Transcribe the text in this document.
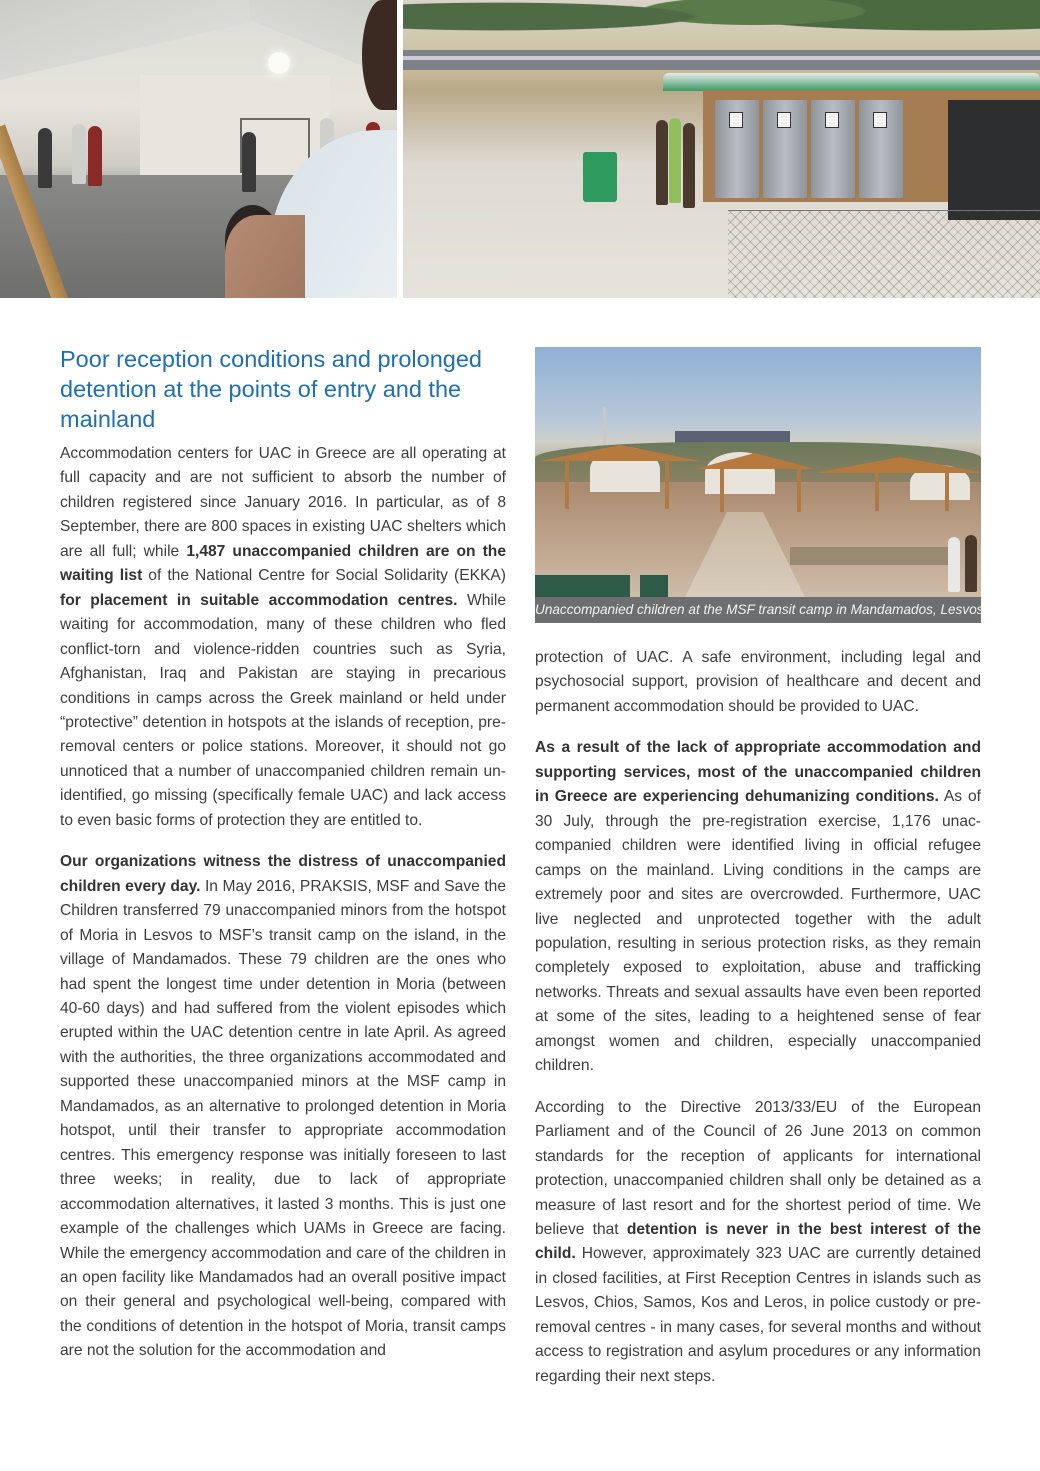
Poor reception conditions and prolonged detention at the points of entry and the mainland

Accommodation centers for UAC in Greece are all operating at full capacity and are not sufficient to absorb the number of children registered since January 2016. In particular, as of 8 September, there are 800 spaces in existing UAC shelters which are all full; while 1,487 unaccompanied children are on the waiting list of the National Centre for Social Solidarity (EKKA) for placement in suitable accommodation centres. While waiting for accommodation, many of these children who fled conflict-torn and violence-ridden countries such as Syria, Afghanistan, Iraq and Pakistan are staying in precarious conditions in camps across the Greek mainland or held under “protective” detention in hotspots at the islands of reception, pre-removal centers or police stations. Moreover, it should not go unnoticed that a number of unaccompanied children remain un-identified, go missing (specifically female UAC) and lack access to even basic forms of protection they are entitled to.

Our organizations witness the distress of unaccompanied children every day. In May 2016, PRAKSIS, MSF and Save the Children transferred 79 unaccompanied minors from the hotspot of Moria in Lesvos to MSF’s transit camp on the island, in the village of Mandamados. These 79 children are the ones who had spent the longest time under detention in Moria (between 40-60 days) and had suffered from the violent episodes which erupted within the UAC detention centre in late April. As agreed with the authorities, the three organizations accommodated and supported these unaccompanied minors at the MSF camp in Mandamados, as an alternative to prolonged detention in Moria hotspot, until their transfer to appropriate accommodation centres. This emergency response was initially foreseen to last three weeks; in reality, due to lack of appropriate accommodation alternatives, it lasted 3 months. This is just one example of the challenges which UAMs in Greece are facing. While the emergency accommodation and care of the children in an open facility like Mandamados had an overall positive impact on their general and psychological well-being, compared with the conditions of detention in the hotspot of Moria, transit camps are not the solution for the accommodation and

Unaccompanied children at the MSF transit camp in Mandamados, Lesvos

protection of UAC. A safe environment, including legal and psychosocial support, provision of healthcare and decent and permanent accommodation should be provided to UAC.

As a result of the lack of appropriate accommodation and supporting services, most of the unaccompanied children in Greece are experiencing dehumanizing conditions. As of 30 July, through the pre-registration exercise, 1,176 unaccompanied children were identified living in official refugee camps on the mainland. Living conditions in the camps are extremely poor and sites are overcrowded. Furthermore, UAC live neglected and unprotected together with the adult population, resulting in serious protection risks, as they remain completely exposed to exploitation, abuse and trafficking networks. Threats and sexual assaults have even been reported at some of the sites, leading to a heightened sense of fear amongst women and children, especially unaccompanied children.

According to the Directive 2013/33/EU of the European Parliament and of the Council of 26 June 2013 on common standards for the reception of applicants for international protection, unaccompanied children shall only be detained as a measure of last resort and for the shortest period of time. We believe that detention is never in the best interest of the child. However, approximately 323 UAC are currently detained in closed facilities, at First Reception Centres in islands such as Lesvos, Chios, Samos, Kos and Leros, in police custody or pre-removal centres - in many cases, for several months and without access to registration and asylum procedures or any information regarding their next steps.
